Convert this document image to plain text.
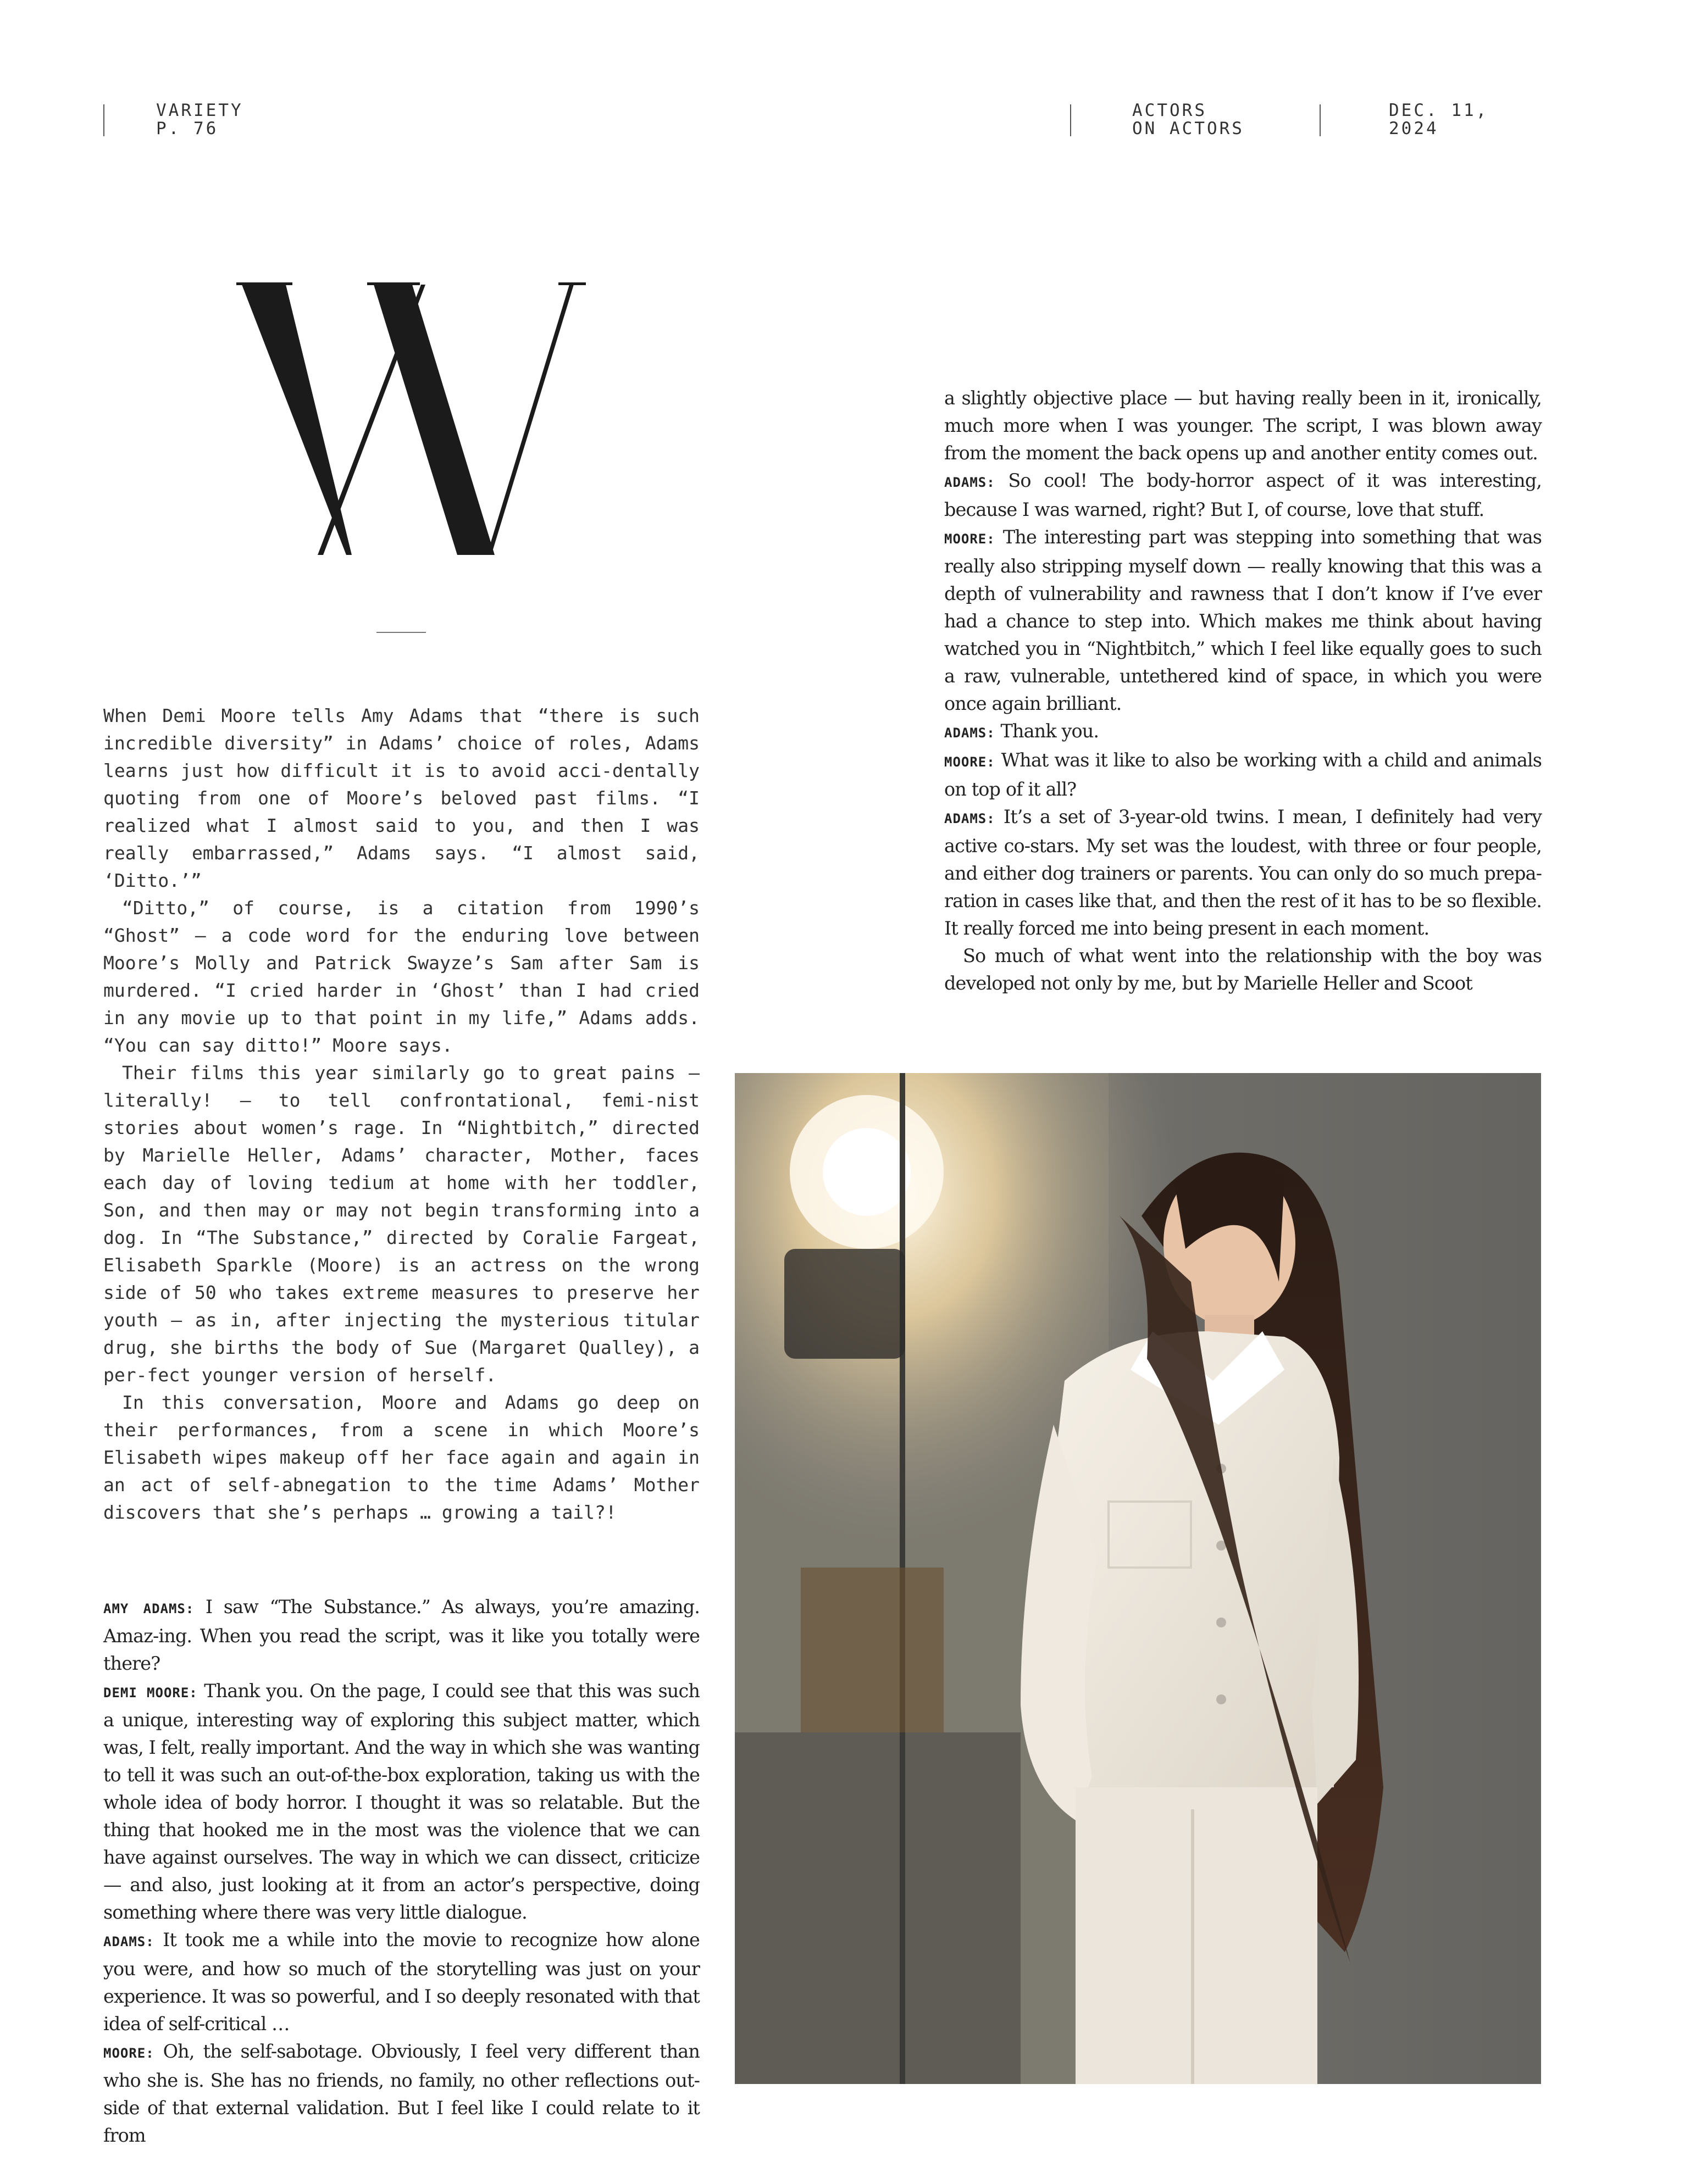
VARIETY
P. 76
ACTORS
ON ACTORS
DEC. 11,
2024

When Demi Moore tells Amy Adams that “there is such incredible diversity” in Adams’ choice of roles, Adams learns just how difficult it is to avoid acci-dentally quoting from one of Moore’s beloved past films. “I realized what I almost said to you, and then I was really embarrassed,” Adams says. “I almost said, ‘Ditto.’”

“Ditto,” of course, is a citation from 1990’s “Ghost” — a code word for the enduring love between Moore’s Molly and Patrick Swayze’s Sam after Sam is murdered. “I cried harder in ‘Ghost’ than I had cried in any movie up to that point in my life,” Adams adds. “You can say ditto!” Moore says.

Their films this year similarly go to great pains — literally! — to tell confrontational, femi-nist stories about women’s rage. In “Nightbitch,” directed by Marielle Heller, Adams’ character, Mother, faces each day of loving tedium at home with her toddler, Son, and then may or may not begin transforming into a dog. In “The Substance,” directed by Coralie Fargeat, Elisabeth Sparkle (Moore) is an actress on the wrong side of 50 who takes extreme measures to preserve her youth — as in, after injecting the mysterious titular drug, she births the body of Sue (Margaret Qualley), a per-fect younger version of herself.

In this conversation, Moore and Adams go deep on their performances, from a scene in which Moore’s Elisabeth wipes makeup off her face again and again in an act of self-abnegation to the time Adams’ Mother discovers that she’s perhaps … growing a tail?!

AMY ADAMS: I saw “The Substance.” As always, you’re amazing. Amaz-ing. When you read the script, was it like you totally were there?

DEMI MOORE: Thank you. On the page, I could see that this was such a unique, interesting way of exploring this subject matter, which was, I felt, really important. And the way in which she was wanting to tell it was such an out-of-the-box exploration, taking us with the whole idea of body horror. I thought it was so relatable. But the thing that hooked me in the most was the violence that we can have against ourselves. The way in which we can dissect, criticize — and also, just looking at it from an actor’s perspective, doing something where there was very little dialogue.

ADAMS: It took me a while into the movie to recognize how alone you were, and how so much of the storytelling was just on your experience. It was so powerful, and I so deeply resonated with that idea of self-critical …

MOORE: Oh, the self-sabotage. Obviously, I feel very different than who she is. She has no friends, no family, no other reflections out-side of that external validation. But I feel like I could relate to it from

a slightly objective place — but having really been in it, ironically, much more when I was younger. The script, I was blown away from the moment the back opens up and another entity comes out.

ADAMS: So cool! The body-horror aspect of it was interesting, because I was warned, right? But I, of course, love that stuff.

MOORE: The interesting part was stepping into something that was really also stripping myself down — really knowing that this was a depth of vulnerability and rawness that I don’t know if I’ve ever had a chance to step into. Which makes me think about having watched you in “Nightbitch,” which I feel like equally goes to such a raw, vulnerable, untethered kind of space, in which you were once again brilliant.

ADAMS: Thank you.

MOORE: What was it like to also be working with a child and animals on top of it all?

ADAMS: It’s a set of 3-year-old twins. I mean, I definitely had very active co-stars. My set was the loudest, with three or four people, and either dog trainers or parents. You can only do so much prepa-ration in cases like that, and then the rest of it has to be so flexible. It really forced me into being present in each moment.

So much of what went into the relationship with the boy was developed not only by me, but by Marielle Heller and Scoot
